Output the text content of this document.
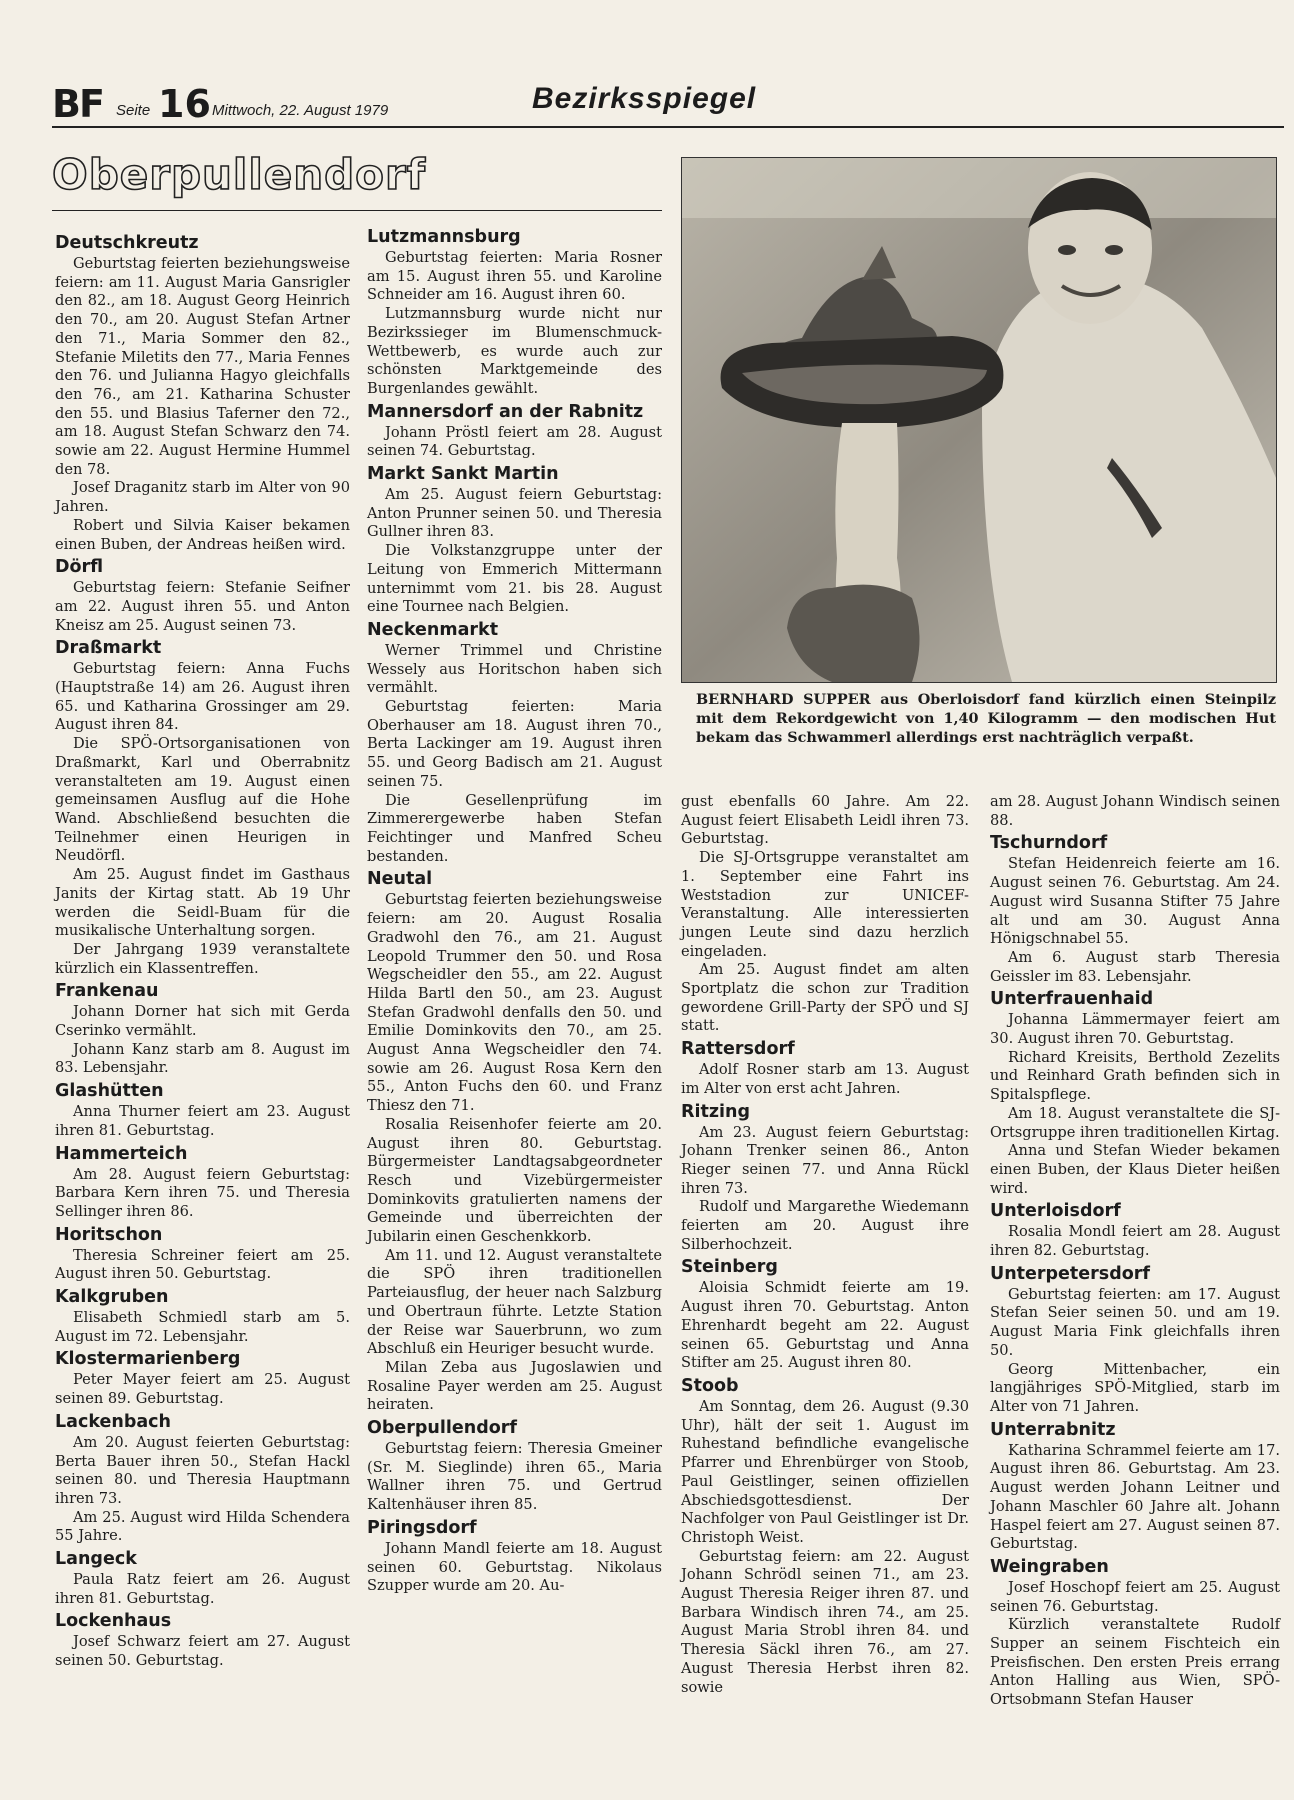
BF Seite 16 Mittwoch, 22. August 1979	Bezirksspiegel
Oberpullendorf
Deutschkreutz

Geburtstag feierten beziehungsweise feiern: am 11. August Maria Gansrigler den 82., am 18. August Georg Heinrich den 70., am 20. August Stefan Artner den 71., Maria Sommer den 82., Stefanie Miletits den 77., Maria Fennes den 76. und Julianna Hagyo gleichfalls den 76., am 21. Katharina Schuster den 55. und Blasius Taferner den 72., am 18. August Stefan Schwarz den 74. sowie am 22. August Hermine Hummel den 78.

Josef Draganitz starb im Alter von 90 Jahren.

Robert und Silvia Kaiser bekamen einen Buben, der Andreas heißen wird.

Dörfl

Geburtstag feiern: Stefanie Seifner am 22. August ihren 55. und Anton Kneisz am 25. August seinen 73.

Draßmarkt

Geburtstag feiern: Anna Fuchs (Hauptstraße 14) am 26. August ihren 65. und Katharina Grossinger am 29. August ihren 84.

Die SPÖ-Ortsorganisationen von Draßmarkt, Karl und Oberrabnitz veranstalteten am 19. August einen gemeinsamen Ausflug auf die Hohe Wand. Abschließend besuchten die Teilnehmer einen Heurigen in Neudörfl.

Am 25. August findet im Gasthaus Janits der Kirtag statt. Ab 19 Uhr werden die Seidl-Buam für die musikalische Unterhaltung sorgen.

Der Jahrgang 1939 veranstaltete kürzlich ein Klassentreffen.

Frankenau

Johann Dorner hat sich mit Gerda Cserinko vermählt.

Johann Kanz starb am 8. August im 83. Lebensjahr.

Glashütten

Anna Thurner feiert am 23. August ihren 81. Geburtstag.

Hammerteich

Am 28. August feiern Geburtstag: Barbara Kern ihren 75. und Theresia Sellinger ihren 86.

Horitschon

Theresia Schreiner feiert am 25. August ihren 50. Geburtstag.

Kalkgruben

Elisabeth Schmiedl starb am 5. August im 72. Lebensjahr.

Klostermarienberg

Peter Mayer feiert am 25. August seinen 89. Geburtstag.

Lackenbach

Am 20. August feierten Geburtstag: Berta Bauer ihren 50., Stefan Hackl seinen 80. und Theresia Hauptmann ihren 73.

Am 25. August wird Hilda Schendera 55 Jahre.

Langeck

Paula Ratz feiert am 26. August ihren 81. Geburtstag.

Lockenhaus

Josef Schwarz feiert am 27. August seinen 50. Geburtstag.

Lutzmannsburg

Geburtstag feierten: Maria Rosner am 15. August ihren 55. und Karoline Schneider am 16. August ihren 60.

Lutzmannsburg wurde nicht nur Bezirkssieger im Blumenschmuck-Wettbewerb, es wurde auch zur schönsten Marktgemeinde des Burgenlandes gewählt.

Mannersdorf an der Rabnitz

Johann Pröstl feiert am 28. August seinen 74. Geburtstag.

Markt Sankt Martin

Am 25. August feiern Geburtstag: Anton Prunner seinen 50. und Theresia Gullner ihren 83.

Die Volkstanzgruppe unter der Leitung von Emmerich Mittermann unternimmt vom 21. bis 28. August eine Tournee nach Belgien.

Neckenmarkt

Werner Trimmel und Christine Wessely aus Horitschon haben sich vermählt.

Geburtstag feierten: Maria Oberhauser am 18. August ihren 70., Berta Lackinger am 19. August ihren 55. und Georg Badisch am 21. August seinen 75.

Die Gesellenprüfung im Zimmerergewerbe haben Stefan Feichtinger und Manfred Scheu bestanden.

Neutal

Geburtstag feierten beziehungsweise feiern: am 20. August Rosalia Gradwohl den 76., am 21. August Leopold Trummer den 50. und Rosa Wegscheidler den 55., am 22. August Hilda Bartl den 50., am 23. August Stefan Gradwohl denfalls den 50. und Emilie Dominkovits den 70., am 25. August Anna Wegscheidler den 74. sowie am 26. August Rosa Kern den 55., Anton Fuchs den 60. und Franz Thiesz den 71.

Rosalia Reisenhofer feierte am 20. August ihren 80. Geburtstag. Bürgermeister Landtagsabgeordneter Resch und Vizebürgermeister Dominkovits gratulierten namens der Gemeinde und überreichten der Jubilarin einen Geschenkkorb.

Am 11. und 12. August veranstaltete die SPÖ ihren traditionellen Parteiausflug, der heuer nach Salzburg und Obertraun führte. Letzte Station der Reise war Sauerbrunn, wo zum Abschluß ein Heuriger besucht wurde.

Milan Zeba aus Jugoslawien und Rosaline Payer werden am 25. August heiraten.

Oberpullendorf

Geburtstag feiern: Theresia Gmeiner (Sr. M. Sieglinde) ihren 65., Maria Wallner ihren 75. und Gertrud Kaltenhäuser ihren 85.

Piringsdorf

Johann Mandl feierte am 18. August seinen 60. Geburtstag. Nikolaus Szupper wurde am 20. Au-

BERNHARD SUPPER aus Oberloisdorf fand kürzlich einen Steinpilz mit dem Rekordgewicht von 1,40 Kilogramm — den modischen Hut bekam das Schwammerl allerdings erst nachträglich verpaßt.

gust ebenfalls 60 Jahre. Am 22. August feiert Elisabeth Leidl ihren 73. Geburtstag.

Die SJ-Ortsgruppe veranstaltet am 1. September eine Fahrt ins Weststadion zur UNICEF-Veranstaltung. Alle interessierten jungen Leute sind dazu herzlich eingeladen.

Am 25. August findet am alten Sportplatz die schon zur Tradition gewordene Grill-Party der SPÖ und SJ statt.

Rattersdorf

Adolf Rosner starb am 13. August im Alter von erst acht Jahren.

Ritzing

Am 23. August feiern Geburtstag: Johann Trenker seinen 86., Anton Rieger seinen 77. und Anna Rückl ihren 73.

Rudolf und Margarethe Wiedemann feierten am 20. August ihre Silberhochzeit.

Steinberg

Aloisia Schmidt feierte am 19. August ihren 70. Geburtstag. Anton Ehrenhardt begeht am 22. August seinen 65. Geburtstag und Anna Stifter am 25. August ihren 80.

Stoob

Am Sonntag, dem 26. August (9.30 Uhr), hält der seit 1. August im Ruhestand befindliche evangelische Pfarrer und Ehrenbürger von Stoob, Paul Geistlinger, seinen offiziellen Abschiedsgottesdienst. Der Nachfolger von Paul Geistlinger ist Dr. Christoph Weist.

Geburtstag feiern: am 22. August Johann Schrödl seinen 71., am 23. August Theresia Reiger ihren 87. und Barbara Windisch ihren 74., am 25. August Maria Strobl ihren 84. und Theresia Säckl ihren 76., am 27. August Theresia Herbst ihren 82. sowie

am 28. August Johann Windisch seinen 88.

Tschurndorf

Stefan Heidenreich feierte am 16. August seinen 76. Geburtstag. Am 24. August wird Susanna Stifter 75 Jahre alt und am 30. August Anna Hönigschnabel 55.

Am 6. August starb Theresia Geissler im 83. Lebensjahr.

Unterfrauenhaid

Johanna Lämmermayer feiert am 30. August ihren 70. Geburtstag.

Richard Kreisits, Berthold Zezelits und Reinhard Grath befinden sich in Spitalspflege.

Am 18. August veranstaltete die SJ-Ortsgruppe ihren traditionellen Kirtag.

Anna und Stefan Wieder bekamen einen Buben, der Klaus Dieter heißen wird.

Unterloisdorf

Rosalia Mondl feiert am 28. August ihren 82. Geburtstag.

Unterpetersdorf

Geburtstag feierten: am 17. August Stefan Seier seinen 50. und am 19. August Maria Fink gleichfalls ihren 50.

Georg Mittenbacher, ein langjähriges SPÖ-Mitglied, starb im Alter von 71 Jahren.

Unterrabnitz

Katharina Schrammel feierte am 17. August ihren 86. Geburtstag. Am 23. August werden Johann Leitner und Johann Maschler 60 Jahre alt. Johann Haspel feiert am 27. August seinen 87. Geburtstag.

Weingraben

Josef Hoschopf feiert am 25. August seinen 76. Geburtstag.

Kürzlich veranstaltete Rudolf Supper an seinem Fischteich ein Preisfischen. Den ersten Preis errang Anton Halling aus Wien, SPÖ-Ortsobmann Stefan Hauser
